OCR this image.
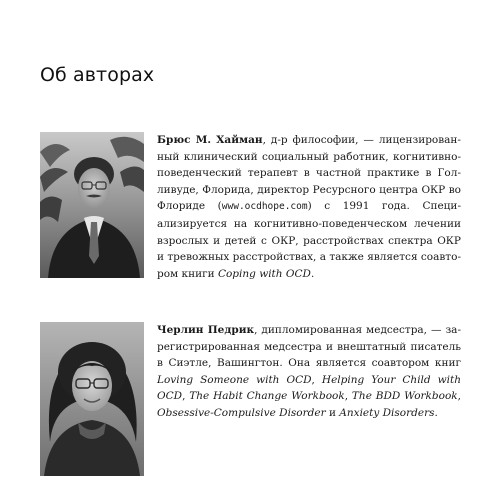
Об авторах

Брюс М. Хайман, д-р философии, — лицензированный клинический социальный работник, когнитивно-поведенческий терапевт в частной практике в Голливуде, Флорида, директор Ресурсного центра ОКР во Флориде (www.ocdhope.com) с 1991 года. Специализируется на когнитивно-поведенческом лечении взрослых и детей с ОКР, расстройствах спектра ОКР и тревожных расстройствах, а также является соавтором книги Coping with OCD.

Черлин Педрик, дипломированная медсестра, — зарегистрированная медсестра и внештатный писатель в Сиэтле, Вашингтон. Она является соавтором книг Loving Someone with OCD, Helping Your Child with OCD, The Habit Change Workbook, The BDD Workbook, Obsessive-Compulsive Disorder и Anxiety Disorders.
